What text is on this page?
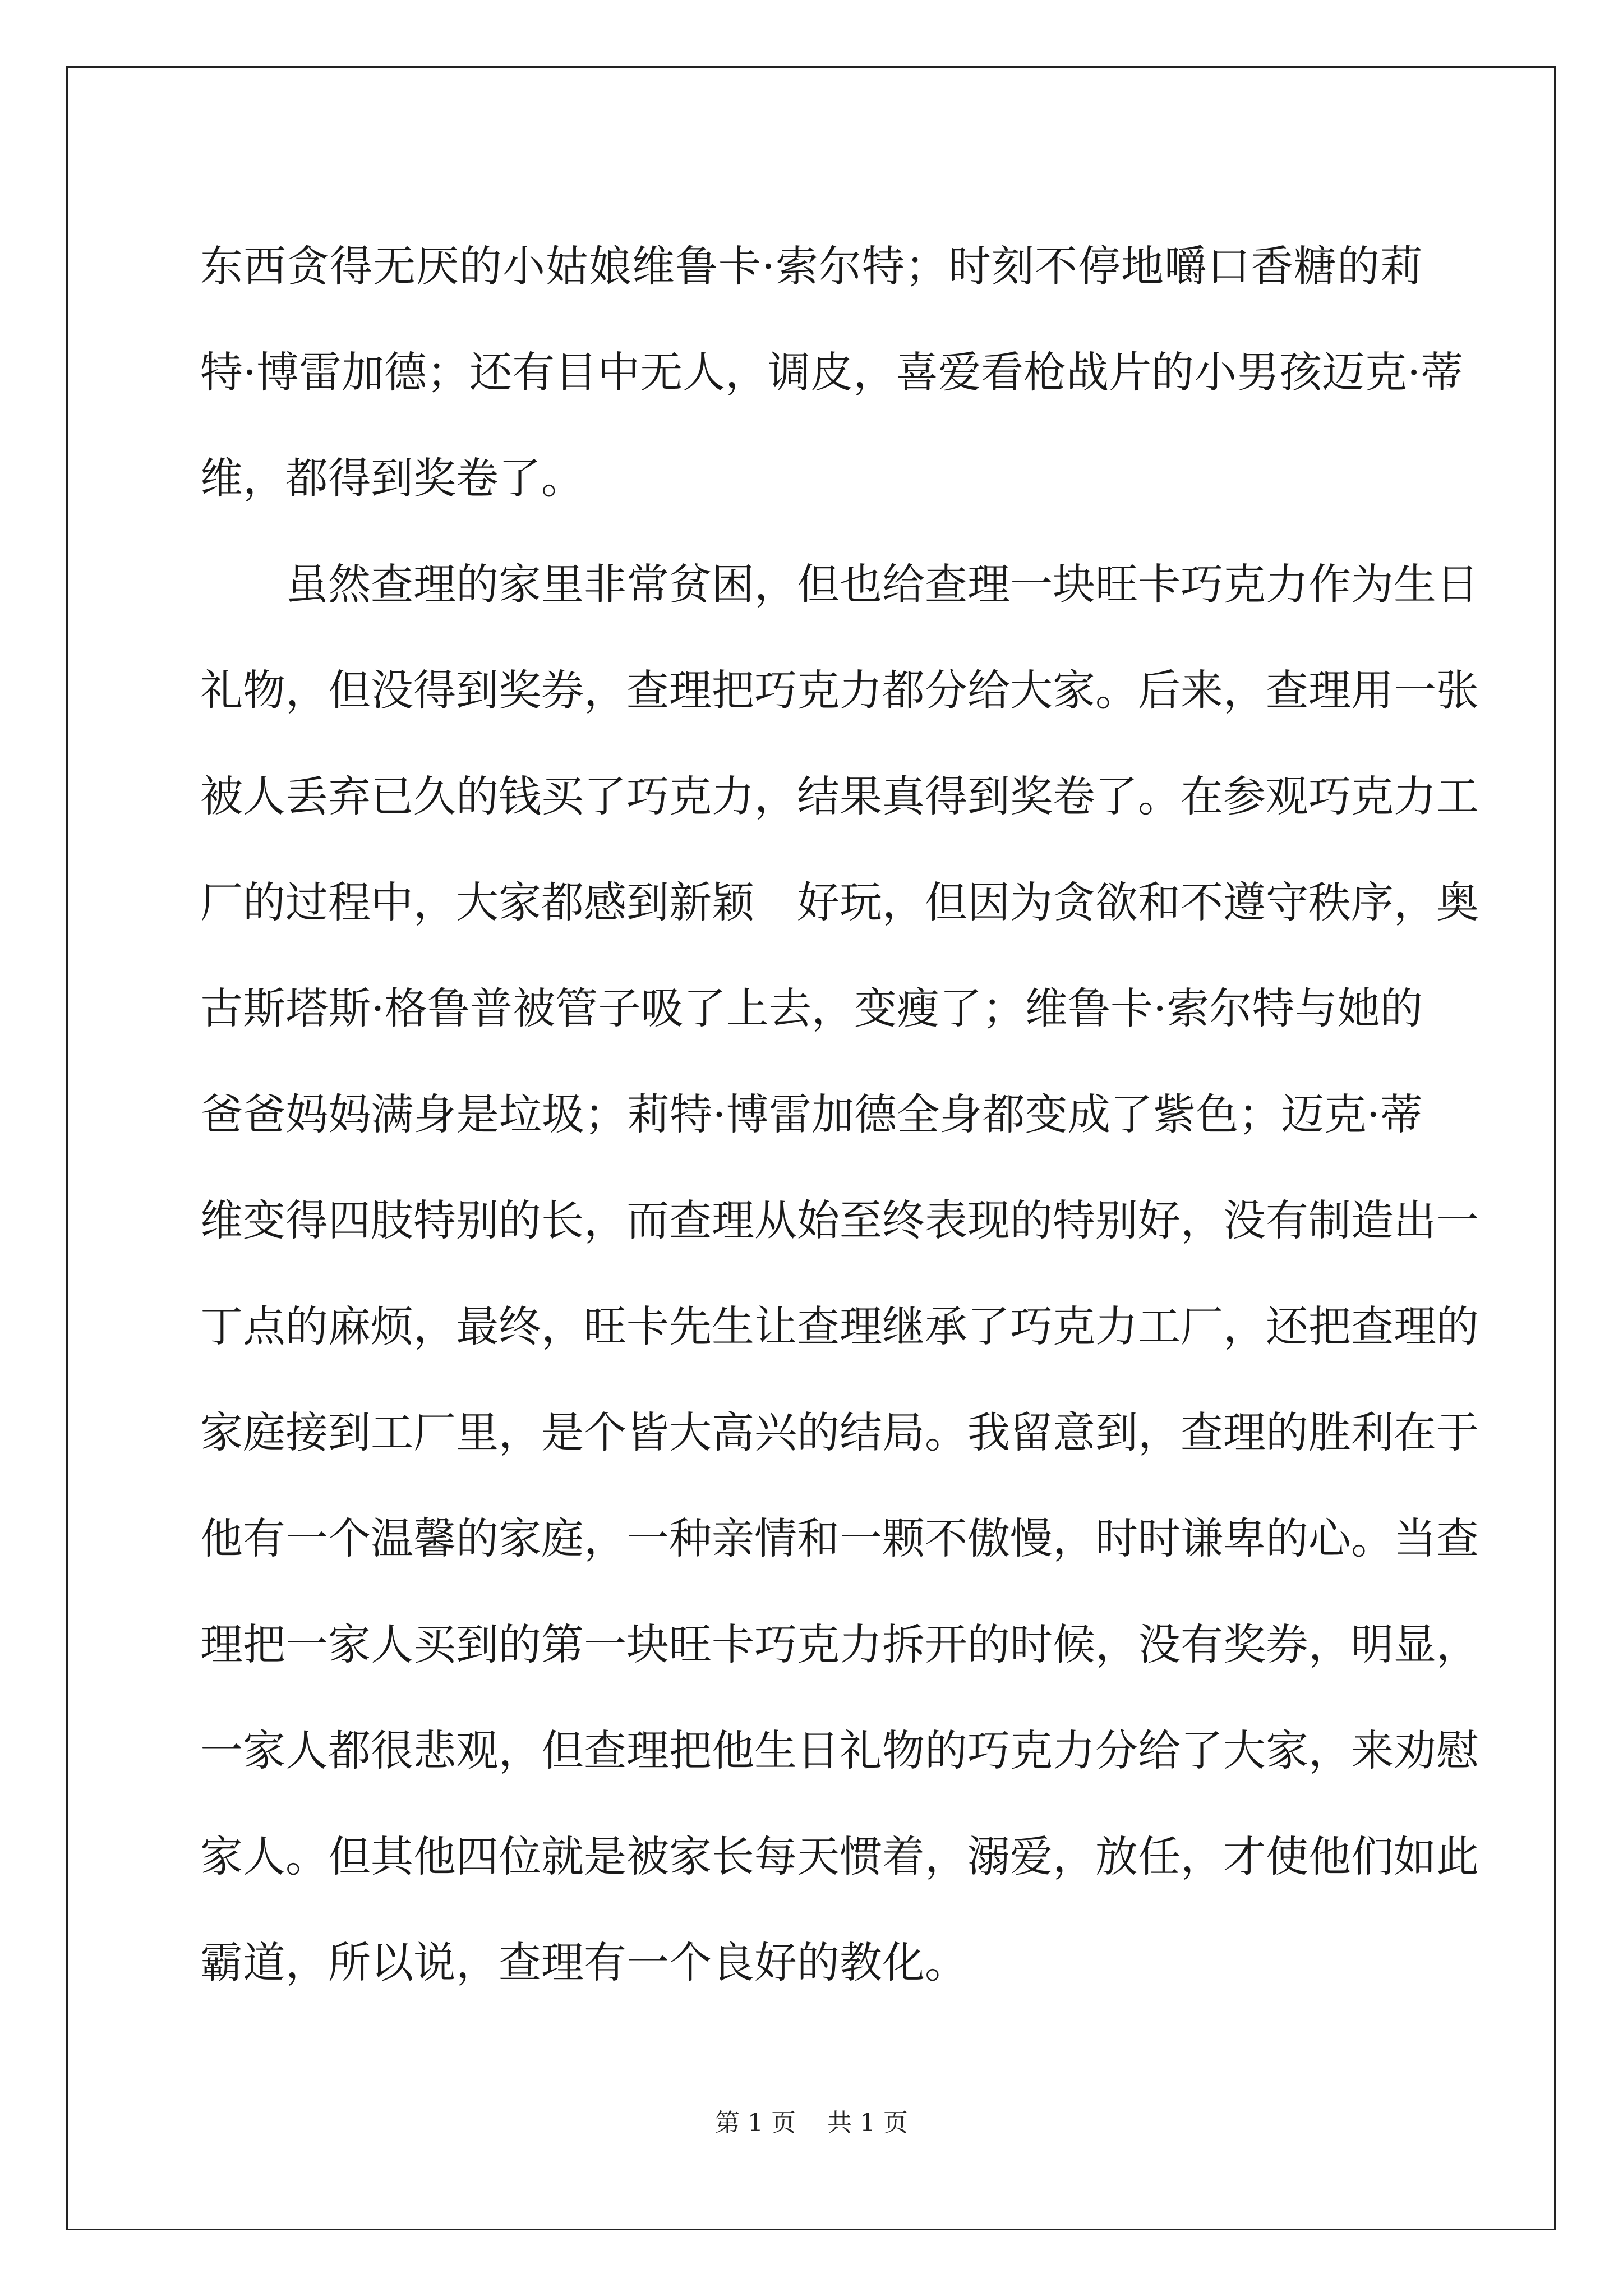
东西贪得无厌的小姑娘维鲁卡·索尔特；时刻不停地嚼口香糖的莉
特·博雷加德；还有目中无人，调皮，喜爱看枪战片的小男孩迈克·蒂
维，都得到奖卷了。
　　虽然查理的家里非常贫困，但也给查理一块旺卡巧克力作为生日
礼物，但没得到奖券，查理把巧克力都分给大家。后来，查理用一张
被人丢弃已久的钱买了巧克力，结果真得到奖卷了。在参观巧克力工
厂的过程中，大家都感到新颖　好玩，但因为贪欲和不遵守秩序，奥
古斯塔斯·格鲁普被管子吸了上去，变瘦了；维鲁卡·索尔特与她的
爸爸妈妈满身是垃圾；莉特·博雷加德全身都变成了紫色；迈克·蒂
维变得四肢特别的长，而查理从始至终表现的特别好，没有制造出一
丁点的麻烦，最终，旺卡先生让查理继承了巧克力工厂，还把查理的
家庭接到工厂里，是个皆大高兴的结局。我留意到，查理的胜利在于
他有一个温馨的家庭，一种亲情和一颗不傲慢，时时谦卑的心。当查
理把一家人买到的第一块旺卡巧克力拆开的时候，没有奖券，明显，
一家人都很悲观，但查理把他生日礼物的巧克力分给了大家，来劝慰
家人。但其他四位就是被家长每天惯着，溺爱，放任，才使他们如此
霸道，所以说，查理有一个良好的教化。
第 1 页 共 1 页
